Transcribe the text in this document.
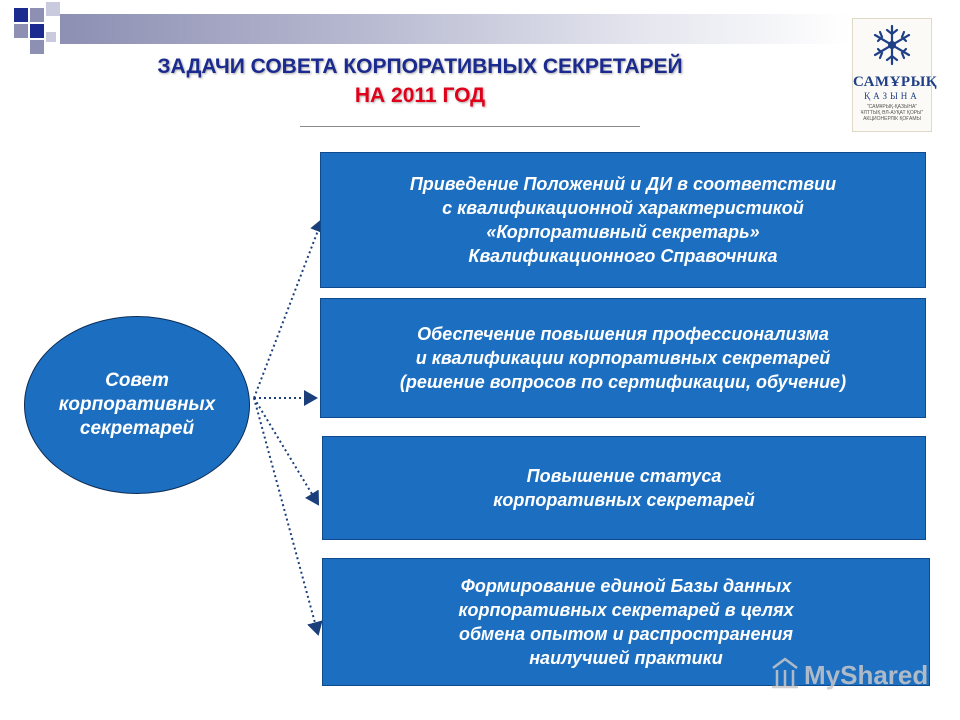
САМҰРЫҚ
ҚАЗЫНА
"САМҰРЫҚ-ҚАЗЫНА"
ҰЛТТЫҚ ӘЛ-АУҚАТ ҚОРЫ"
АКЦИОНЕРЛІК ҚОҒАМЫ
ЗАДАЧИ СОВЕТА КОРПОРАТИВНЫХ СЕКРЕТАРЕЙ
НА 2011 ГОД
Совет
корпоративных
секретарей
Приведение Положений и ДИ в соответствии
с квалификационной характеристикой
«Корпоративный секретарь»
Квалификационного Справочника
Обеспечение повышения профессионализма
и квалификации корпоративных секретарей
(решение вопросов по сертификации, обучение)
Повышение статуса
корпоративных секретарей
Формирование единой Базы данных
корпоративных секретарей в целях
обмена опытом и распространения
наилучшей практики
MyShared
